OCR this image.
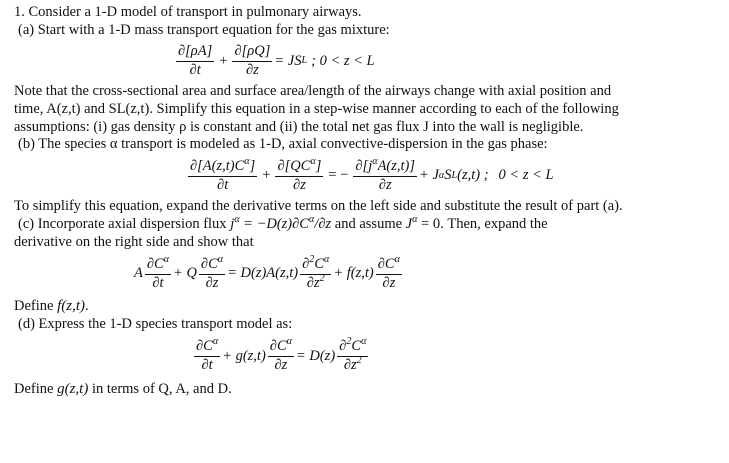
1. Consider a 1-D model of transport in pulmonary airways.
(a) Start with a 1-D mass transport equation for the gas mixture:
$\frac{\partial[\rho A]}{\partial t} + \frac{\partial[\rho Q]}{\partial z}$ = JS L ; 0 < z < L
Note that the cross-sectional area and surface area/length of the airways change with axial position and
time, A(z,t) and SL(z,t). Simplify this equation in a step-wise manner according to each of the following
assumptions: (i) gas density ρ is constant and (ii) the total net gas flux J into the wall is negligible.
(b) The species α transport is modeled as 1-D, axial convective-dispersion in the gas phase:
$\frac{\partial[A(z,t)C^\alpha]}{\partial t} + \frac{\partial[QC^\alpha]}{\partial z}$ = − $\frac{\partial[j^\alpha A(z,t)]}{\partial z} + J$ α S L (z,t) ; 0 < z < L
To simplify this equation, expand the derivative terms on the left side and substitute the result of part (a).
(c) Incorporate axial dispersion flux $j^\alpha = -D(z)\partial C^\alpha/\partial z$ and assume $J^\alpha = 0$. Then, expand the
derivative on the right side and show that
A $\frac{\partial C^\alpha}{\partial t} + Q \frac{\partial C^\alpha}{\partial z} = D(z)A(z,t) \frac{\partial^2C^\alpha}{\partial z^2} + f(z,t) \frac{\partial C^\alpha}{\partial z}$
Define f(z,t).
(d) Express the 1-D species transport model as:
$\frac{\partial C^\alpha}{\partial t} + g(z,t) \frac{\partial C^\alpha}{\partial z} = D(z) \frac{\partial^2C^\alpha}{\partial z^2}$
Define g(z,t) in terms of Q, A, and D.
